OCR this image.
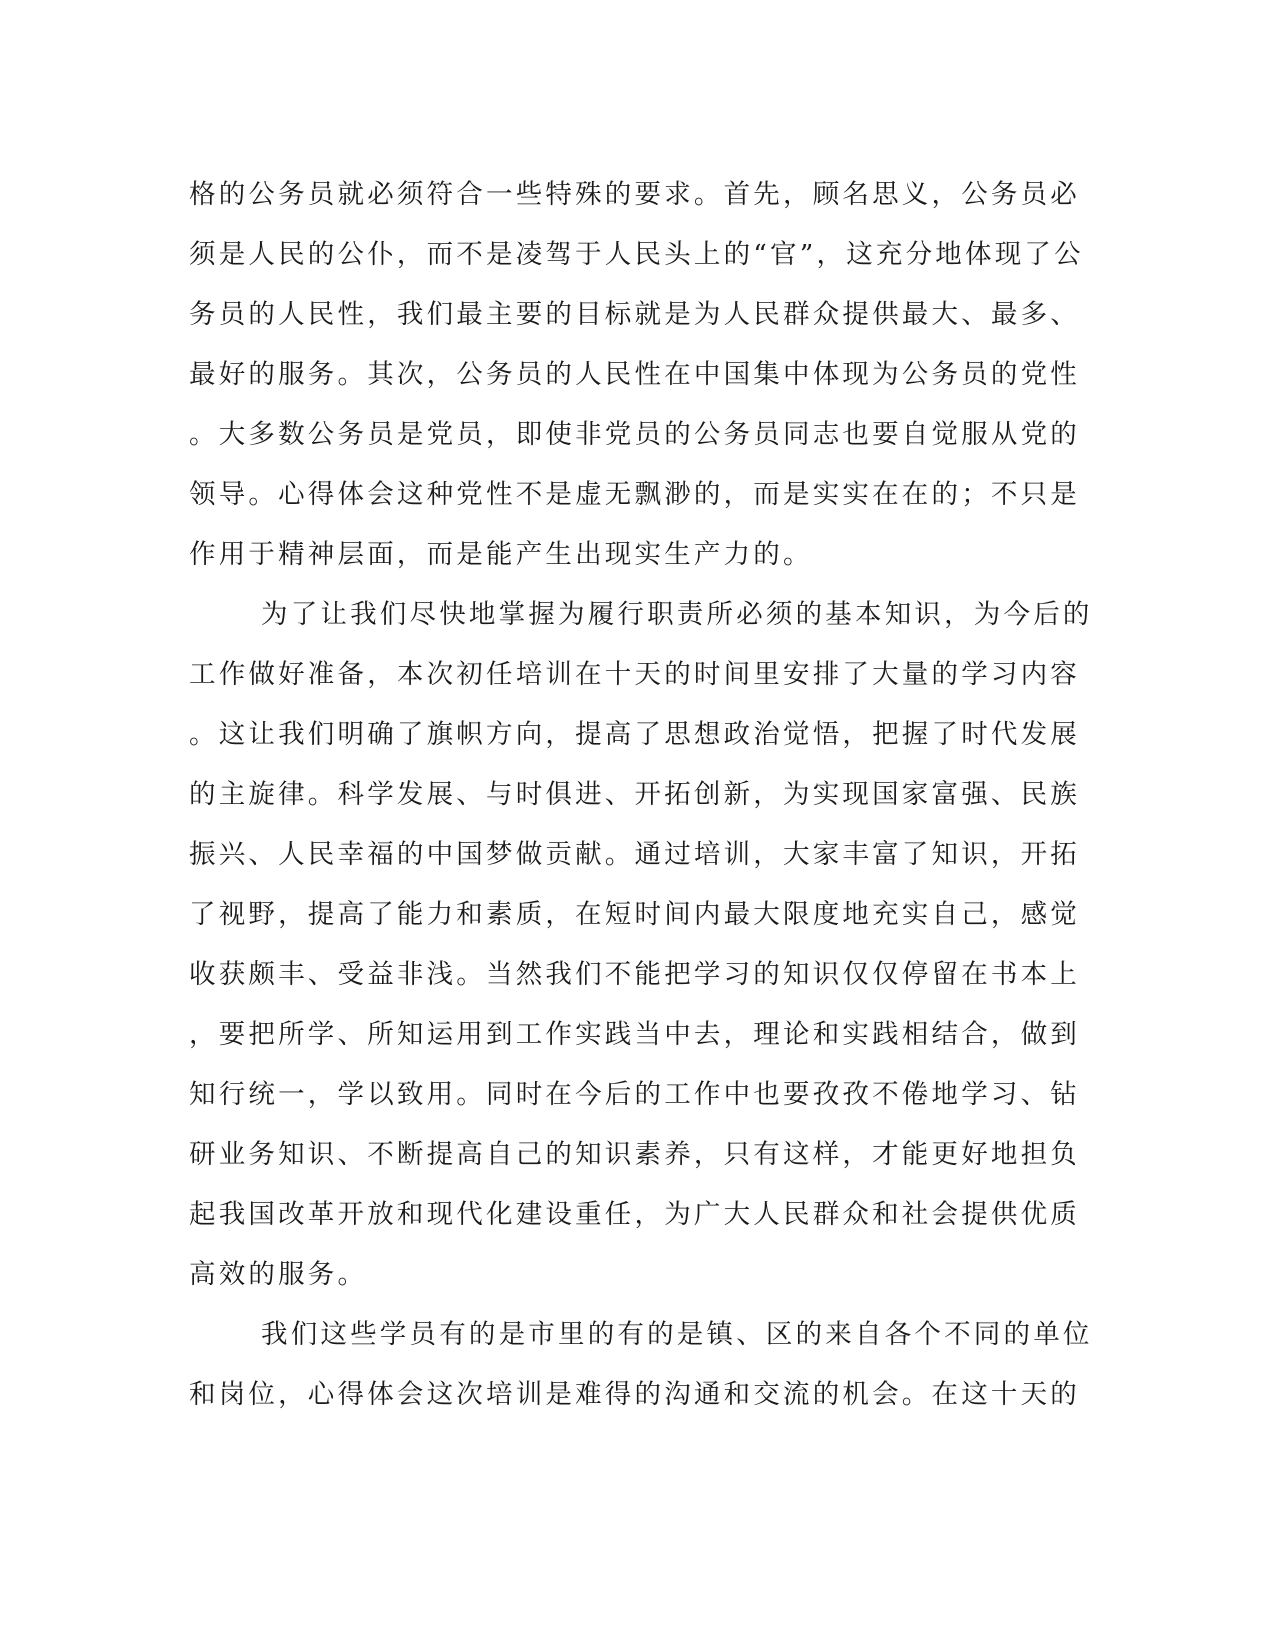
格的公务员就必须符合一些特殊的要求。首先，顾名思义，公务员必
须是人民的公仆，而不是凌驾于人民头上的“官”，这充分地体现了公
务员的人民性，我们最主要的目标就是为人民群众提供最大、最多、
最好的服务。其次，公务员的人民性在中国集中体现为公务员的党性
。大多数公务员是党员，即使非党员的公务员同志也要自觉服从党的
领导。心得体会这种党性不是虚无飘渺的，而是实实在在的；不只是
作用于精神层面，而是能产生出现实生产力的。
为了让我们尽快地掌握为履行职责所必须的基本知识，为今后的
工作做好准备，本次初任培训在十天的时间里安排了大量的学习内容
。这让我们明确了旗帜方向，提高了思想政治觉悟，把握了时代发展
的主旋律。科学发展、与时俱进、开拓创新，为实现国家富强、民族
振兴、人民幸福的中国梦做贡献。通过培训，大家丰富了知识，开拓
了视野，提高了能力和素质，在短时间内最大限度地充实自己，感觉
收获颇丰、受益非浅。当然我们不能把学习的知识仅仅停留在书本上
，要把所学、所知运用到工作实践当中去，理论和实践相结合，做到
知行统一，学以致用。同时在今后的工作中也要孜孜不倦地学习、钻
研业务知识、不断提高自己的知识素养，只有这样，才能更好地担负
起我国改革开放和现代化建设重任，为广大人民群众和社会提供优质
高效的服务。
我们这些学员有的是市里的有的是镇、区的来自各个不同的单位
和岗位，心得体会这次培训是难得的沟通和交流的机会。在这十天的
